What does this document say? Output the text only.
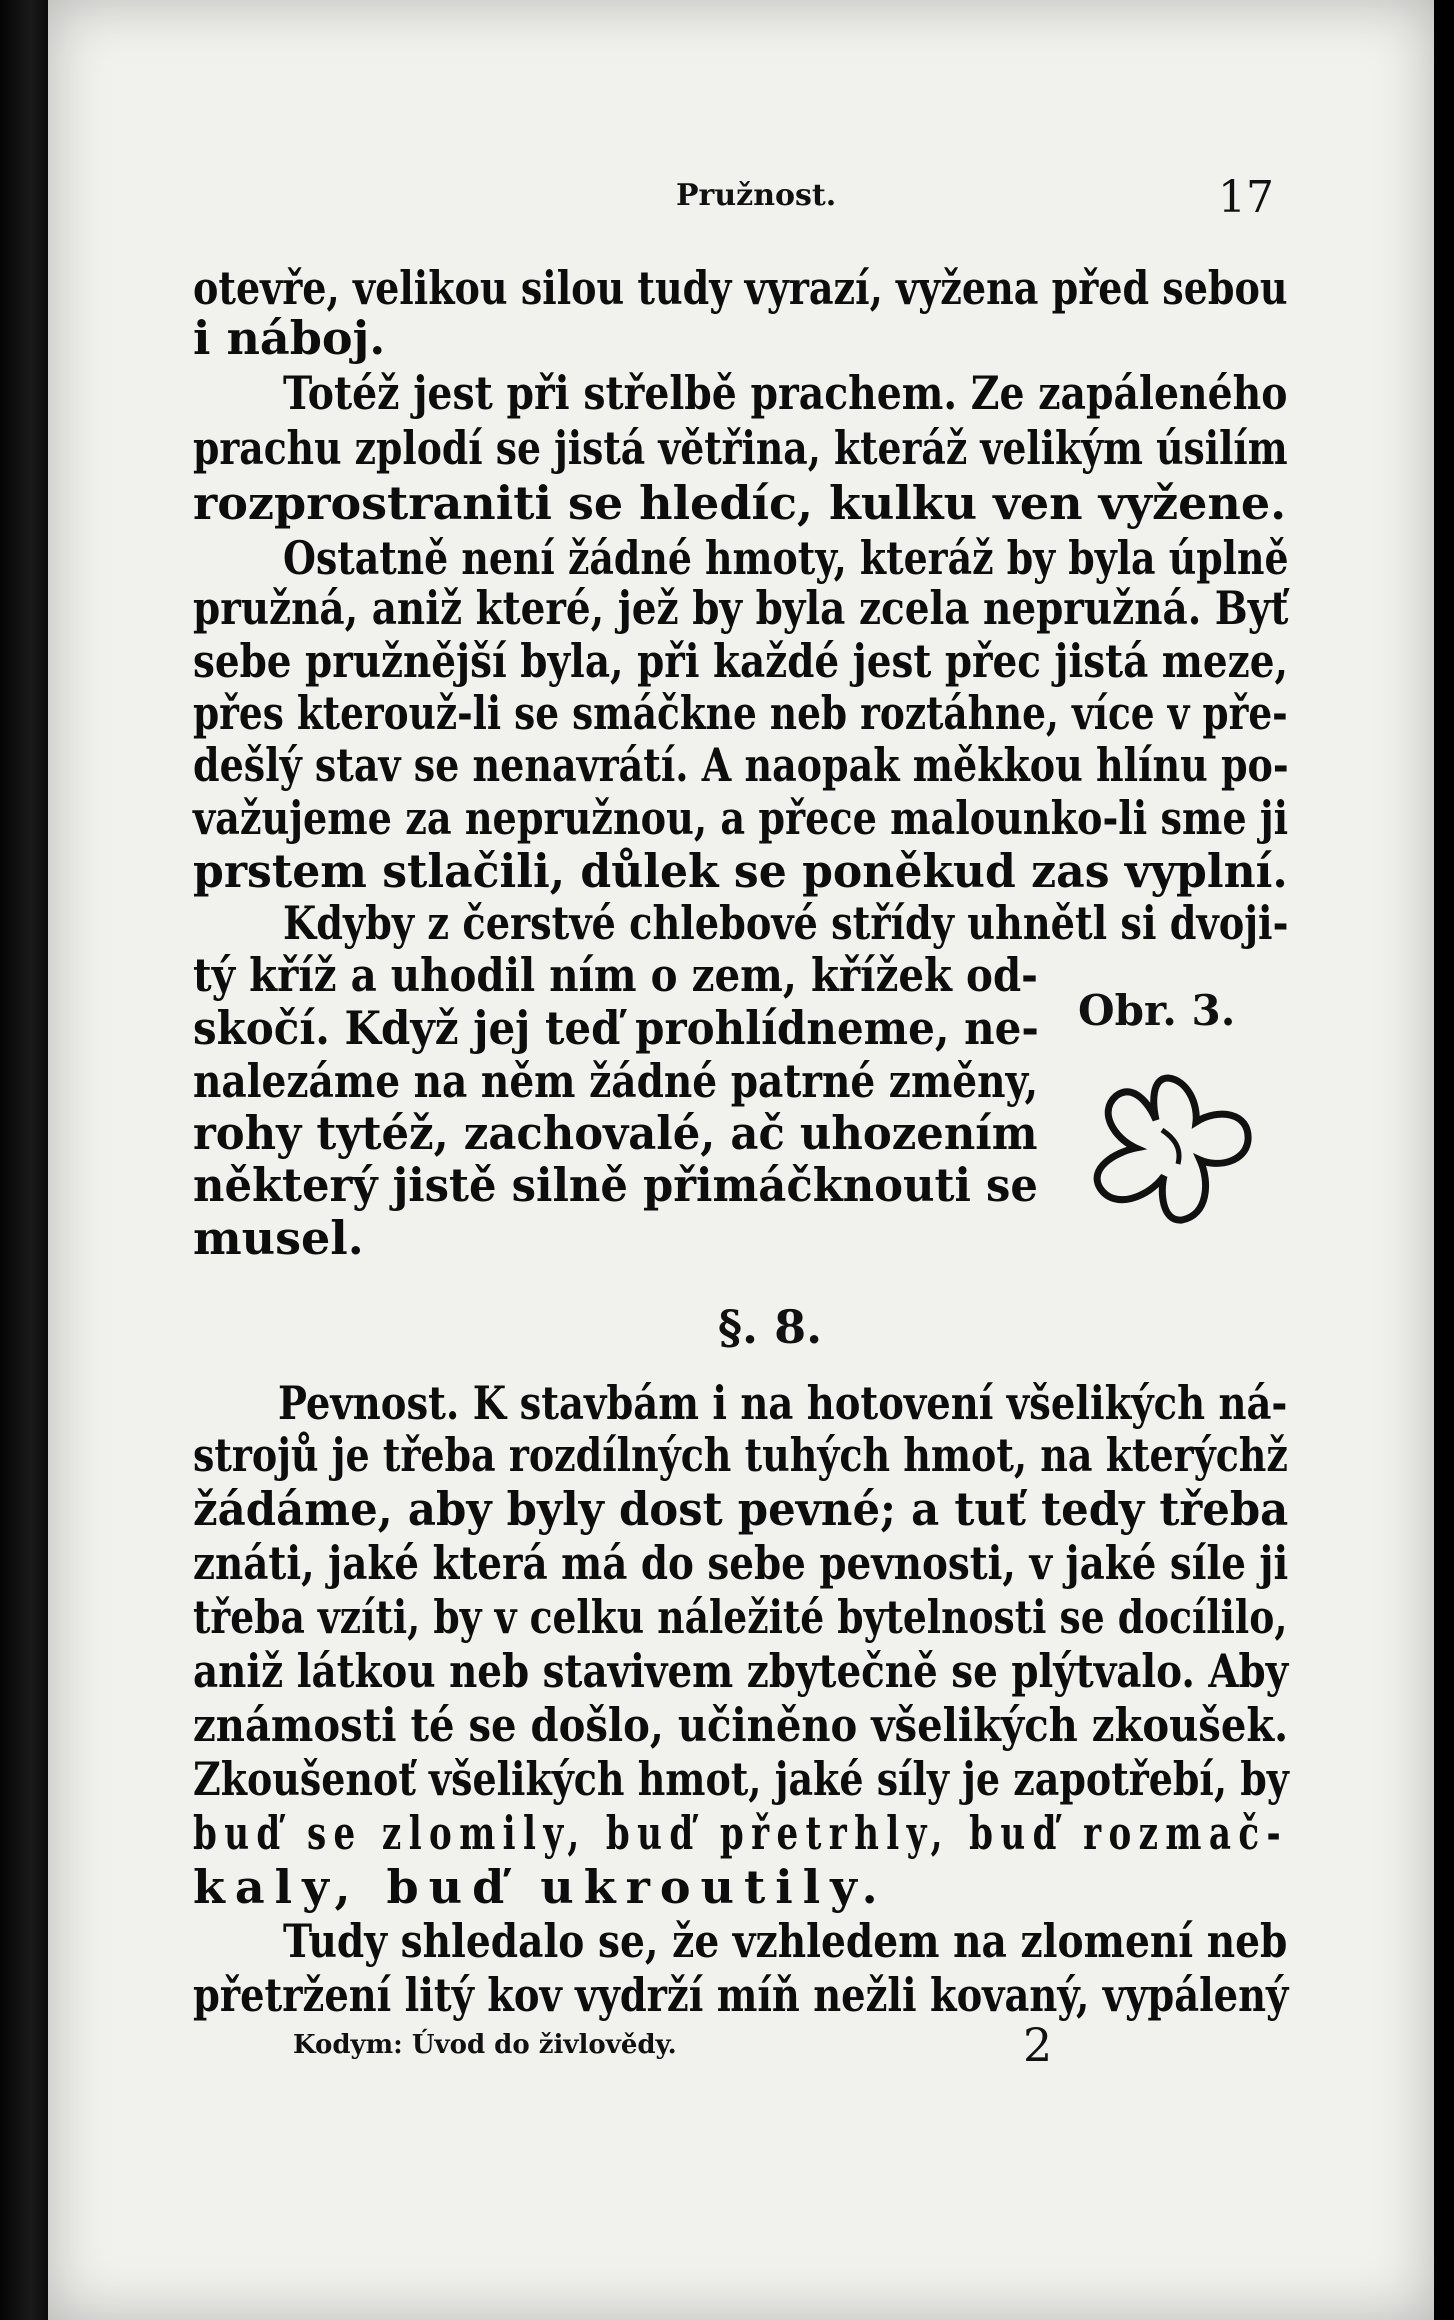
Pružnost.	17
otevře, velikou silou tudy vyrazí, vyžena před sebou
i náboj.
Totéž jest při střelbě prachem. Ze zapáleného
prachu zplodí se jistá větřina, kteráž velikým úsilím
rozprostraniti se hledíc, kulku ven vyžene.
Ostatně není žádné hmoty, kteráž by byla úplně
pružná, aniž které, jež by byla zcela nepružná. Byť
sebe pružnější byla, při každé jest přec jistá meze,
přes kterouž-li se smáčkne neb roztáhne, více v pře-
dešlý stav se nenavrátí. A naopak měkkou hlínu po-
važujeme za nepružnou, a přece malounko-li sme ji
prstem stlačili, důlek se poněkud zas vyplní.
Kdyby z čerstvé chlebové střídy uhnětl si dvoji-
tý kříž a uhodil ním o zem, křížek od-
skočí. Když jej teď prohlídneme, ne-
nalezáme na něm žádné patrné změny,
rohy tytéž, zachovalé, ač uhozením
některý jistě silně přimáčknouti se
musel.
Obr. 3.
§. 8.
Pevnost. K stavbám i na hotovení všelikých ná-
strojů je třeba rozdílných tuhých hmot, na kterýchž
žádáme, aby byly dost pevné; a tuť tedy třeba
znáti, jaké která má do sebe pevnosti, v jaké síle ji
třeba vzíti, by v celku náležité bytelnosti se docílilo,
aniž látkou neb stavivem zbytečně se plýtvalo. Aby
známosti té se došlo, učiněno všelikých zkoušek.
Zkoušenoť všelikých hmot, jaké síly je zapotřebí, by
buď se zlomily, buď přetrhly, buď rozmač-
kaly, buď ukroutily.
Tudy shledalo se, že vzhledem na zlomení neb
přetržení litý kov vydrží míň nežli kovaný, vypálený
Kodym: Úvod do živlovědy.	2
